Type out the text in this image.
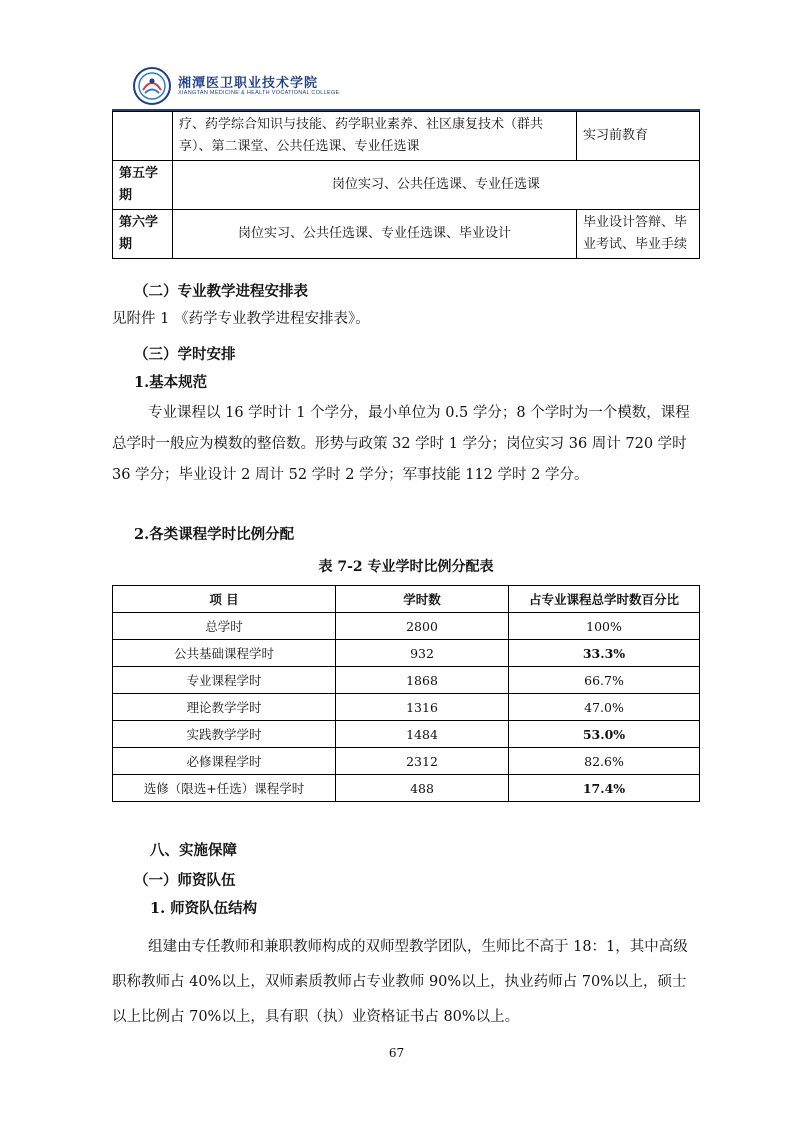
湘潭医卫职业技术学院
XIANGTAN MEDICINE & HEALTH VOCATIONAL COLLEGE
	疗、药学综合知识与技能、药学职业素养、社区康复技术（群共享）、第二课堂、公共任选课、专业任选课	实习前教育
第五学期	岗位实习、公共任选课、专业任选课	
第六学期	岗位实习、公共任选课、专业任选课、毕业设计	毕业设计答辩、毕业考试、毕业手续
（二）专业教学进程安排表
见附件 1 《药学专业教学进程安排表》。
（三）学时安排
1.基本规范
专业课程以 16 学时计 1 个学分，最小单位为 0.5 学分；8 个学时为一个模数，课程总学时一般应为模数的整倍数。形势与政策 32 学时 1 学分；岗位实习 36 周计 720 学时 36 学分；毕业设计 2 周计 52 学时 2 学分；军事技能 112 学时 2 学分。
2.各类课程学时比例分配
表 7-2 专业学时比例分配表
项 目	学时数	占专业课程总学时数百分比
总学时	2800	100%
公共基础课程学时	932	33.3%
专业课程学时	1868	66.7%
理论教学学时	1316	47.0%
实践教学学时	1484	53.0%
必修课程学时	2312	82.6%
选修（限选+任选）课程学时	488	17.4%
八、实施保障
（一）师资队伍
1. 师资队伍结构
组建由专任教师和兼职教师构成的双师型教学团队，生师比不高于 18：1，其中高级职称教师占 40%以上，双师素质教师占专业教师 90%以上，执业药师占 70%以上，硕士以上比例占 70%以上，具有职（执）业资格证书占 80%以上。
67
